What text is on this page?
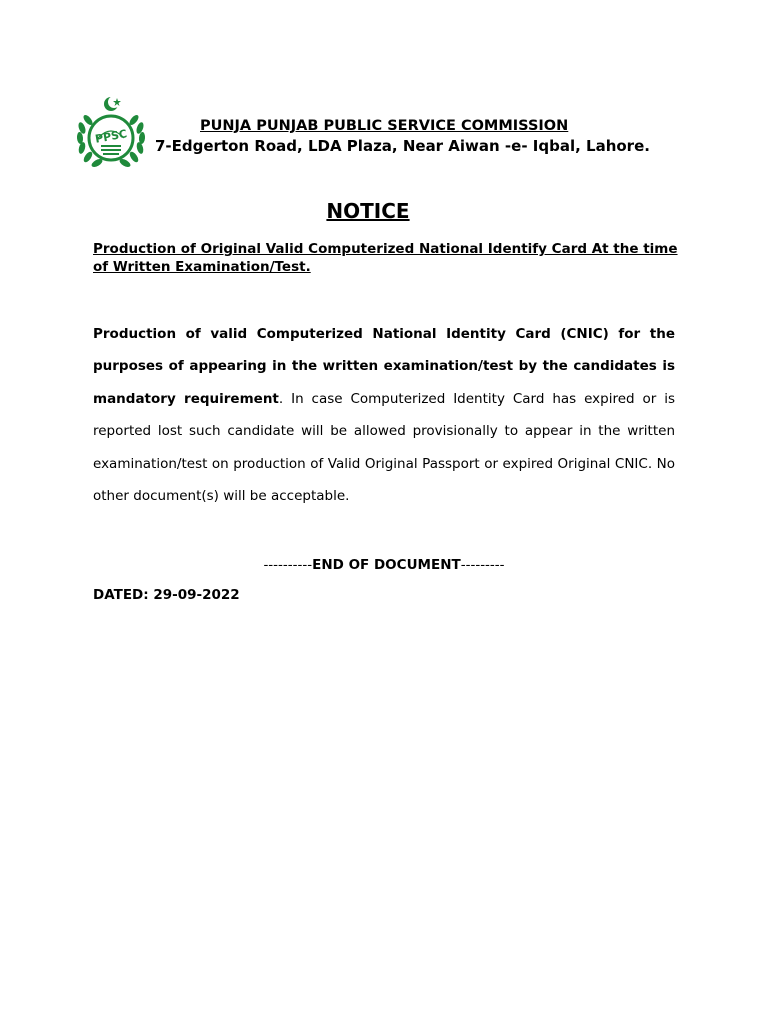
PPSC
PUNJA PUNJAB PUBLIC SERVICE COMMISSION
7-Edgerton Road, LDA Plaza, Near Aiwan -e- Iqbal, Lahore.
NOTICE
Production of Original Valid Computerized National Identify Card At the time of Written Examination/Test.
Production of valid Computerized National Identity Card (CNIC) for the purposes of appearing in the written examination/test by the candidates is mandatory requirement. In case Computerized Identity Card has expired or is reported lost such candidate will be allowed provisionally to appear in the written examination/test on production of Valid Original Passport or expired Original CNIC. No other document(s) will be acceptable.
----------END OF DOCUMENT---------
DATED: 29-09-2022
